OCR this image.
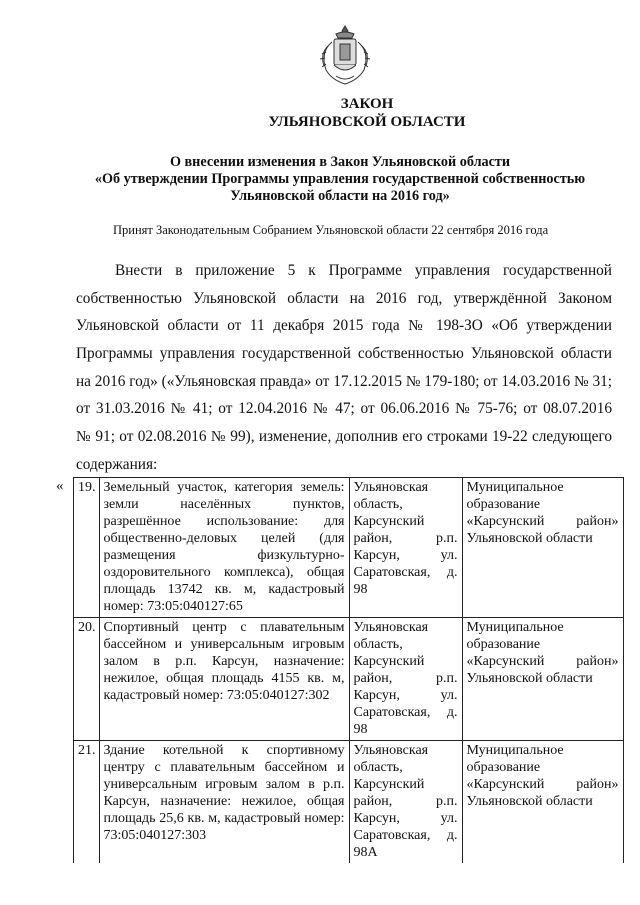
ЗАКОН
УЛЬЯНОВСКОЙ ОБЛАСТИ
О внесении изменения в Закон Ульяновской области
«Об утверждении Программы управления государственной собственностью
Ульяновской области на 2016 год»
Принят Законодательным Собранием Ульяновской области 22 сентября 2016 года
Внести в приложение 5 к Программе управления государственной
собственностью Ульяновской области на 2016 год, утверждённой Законом
Ульяновской области от 11 декабря 2015 года № 198-ЗО «Об утверждении
Программы управления государственной собственностью Ульяновской области
на 2016 год» («Ульяновская правда» от 17.12.2015 № 179-180; от 14.03.2016 № 31;
от 31.03.2016 № 41; от 12.04.2016 № 47; от 06.06.2016 № 75-76; от 08.07.2016
№ 91; от 02.08.2016 № 99), изменение, дополнив его строками 19-22 следующего
содержания:
« 19.	Земельный участок, категория земель: земли населённых пунктов, разрешённое использование: для общественно-деловых целей (для размещения физкультурно-оздоровительного комплекса), общая площадь 13742 кв. м, кадастровый номер: 73:05:040127:65	Ульяновская область, Карсунский район, р.п. Карсун, ул. Саратовская, д. 98	Муниципальное образование «Карсунский район» Ульяновской области
20.	Спортивный центр с плавательным бассейном и универсальным игровым залом в р.п. Карсун, назначение: нежилое, общая площадь 4155 кв. м, кадастровый номер: 73:05:040127:302	Ульяновская область, Карсунский район, р.п. Карсун, ул. Саратовская, д. 98	Муниципальное образование «Карсунский район» Ульяновской области
21.	Здание котельной к спортивному центру с плавательным бассейном и универсальным игровым залом в р.п. Карсун, назначение: нежилое, общая площадь 25,6 кв. м, кадастровый номер: 73:05:040127:303	Ульяновская область, Карсунский район, р.п. Карсун, ул. Саратовская, д. 98А	Муниципальное образование «Карсунский район» Ульяновской области
